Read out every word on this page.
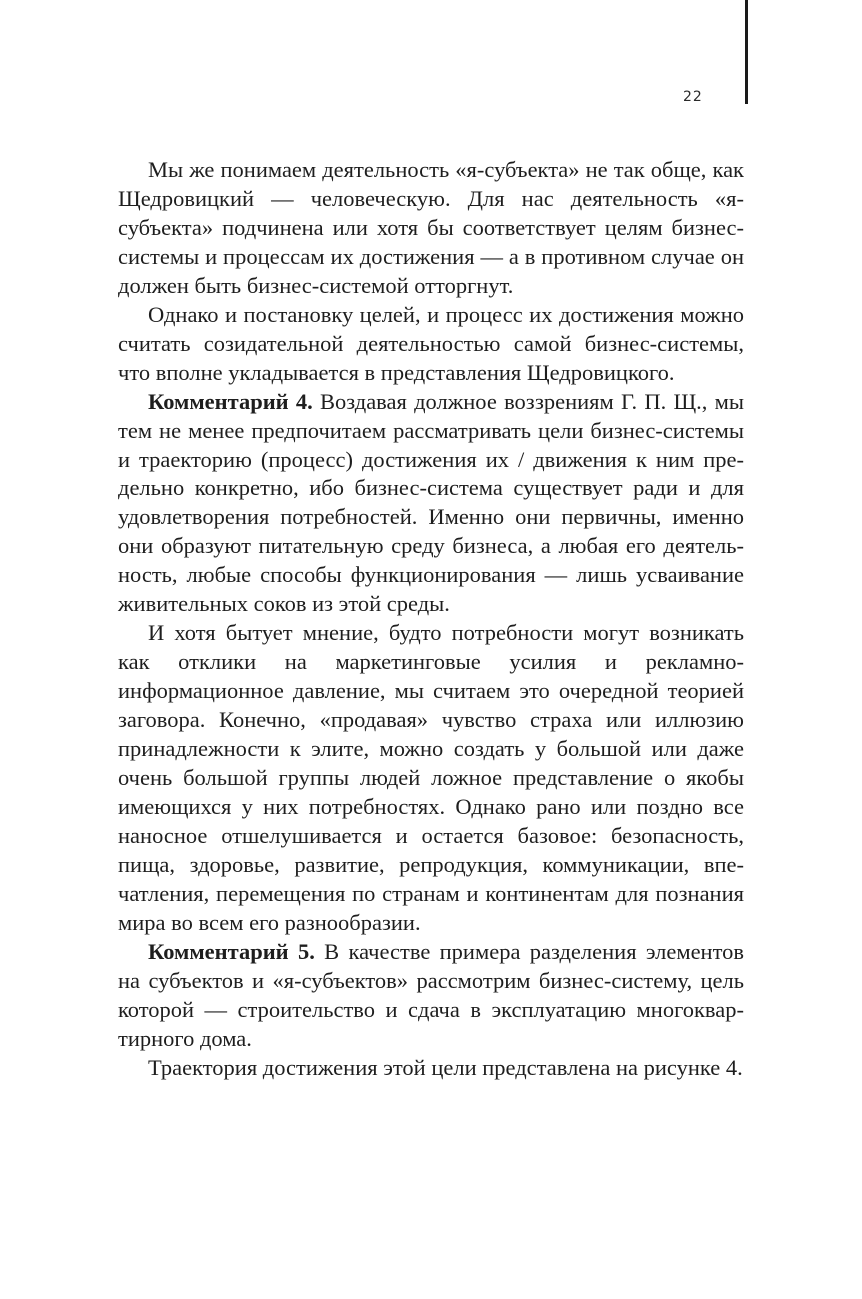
22

Мы же понимаем деятельность «я-субъекта» не так обще, как Щедровицкий — человеческую. Для нас деятельность «я-субъекта» подчинена или хотя бы соответствует целям бизнес-системы и процессам их достижения — а в противном случае он должен быть бизнес-системой отторгнут.

Однако и постановку целей, и процесс их достижения можно считать созидательной деятельностью самой бизнес-системы, что вполне укладывается в представления Щедровицкого.

Комментарий 4. Воздавая должное воззрениям Г. П. Щ., мы тем не менее предпочитаем рассматривать цели бизнес-системы и траекторию (процесс) достижения их / движения к ним предельно конкретно, ибо бизнес-система существует ради и для удовлетворения потребностей. Именно они первичны, именно они образуют питательную среду бизнеса, а любая его деятельность, любые способы функционирования — лишь усваивание живительных соков из этой среды.

И хотя бытует мнение, будто потребности могут возникать как отклики на маркетинговые усилия и рекламно-информационное давление, мы считаем это очередной теорией заговора. Конечно, «продавая» чувство страха или иллюзию принадлежности к элите, можно создать у большой или даже очень большой группы людей ложное представление о якобы имеющихся у них потребностях. Однако рано или поздно все наносное отшелушивается и остается базовое: безопасность, пища, здоровье, развитие, репродукция, коммуникации, впечатления, перемещения по странам и континентам для познания мира во всем его разнообразии.

Комментарий 5. В качестве примера разделения элементов на субъектов и «я-субъектов» рассмотрим бизнес-систему, цель которой — строительство и сдача в эксплуатацию многоквартирного дома.

Траектория достижения этой цели представлена на рисунке 4.
